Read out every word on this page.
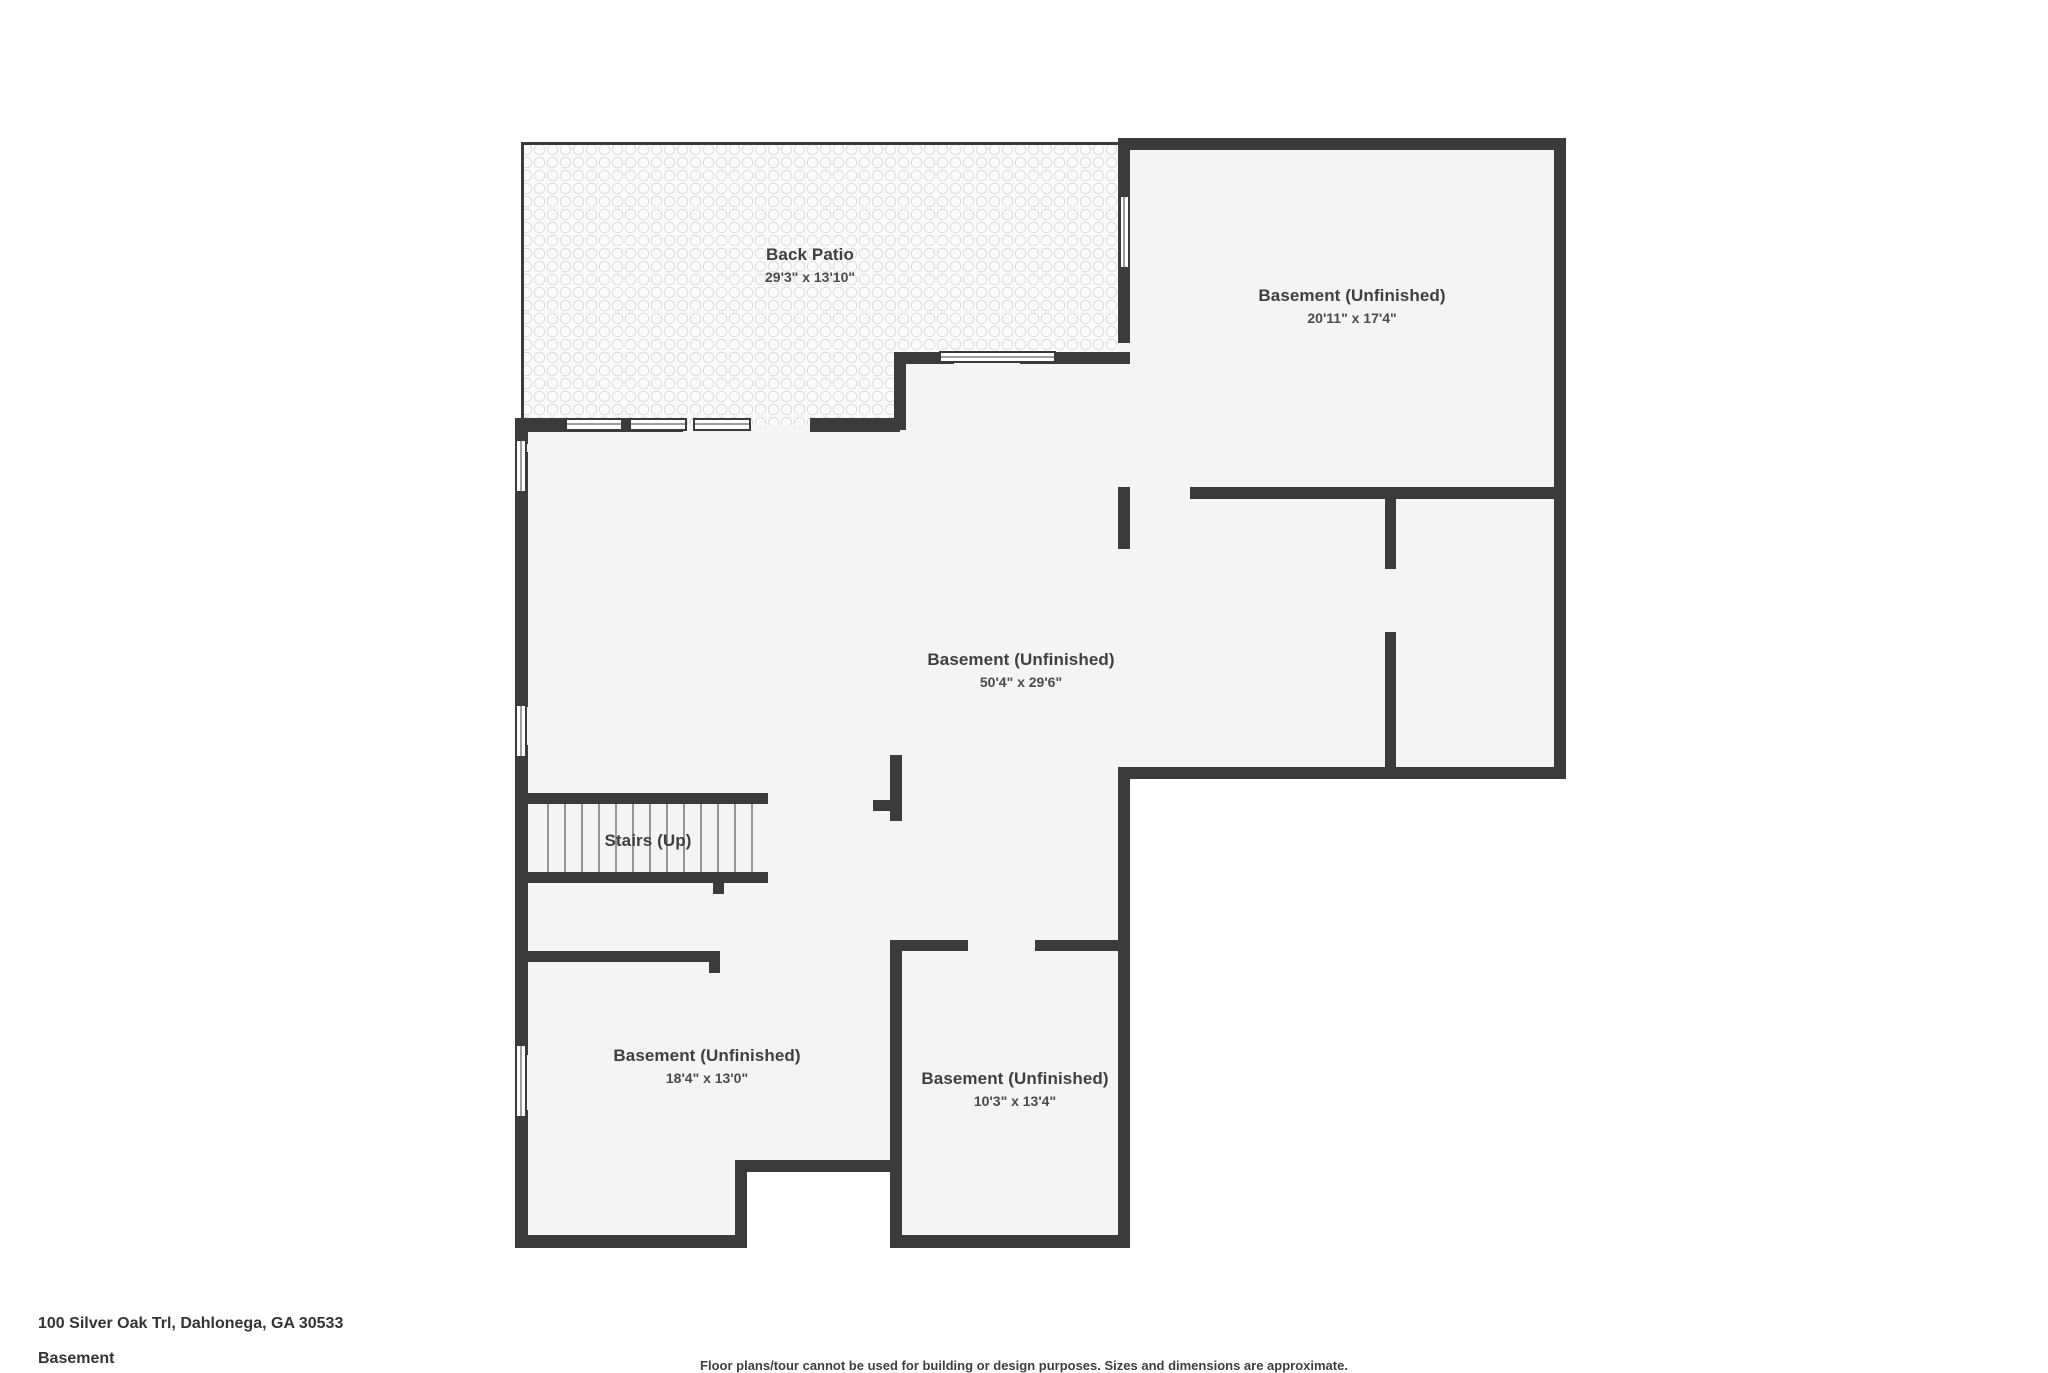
Back Patio
29'3" x 13'10"
Basement (Unfinished)
20'11" x 17'4"
Basement (Unfinished)
50'4" x 29'6"
Stairs (Up)
Basement (Unfinished)
18'4" x 13'0"	Basement (Unfinished)
10'3" x 13'4"
100 Silver Oak Trl, Dahlonega, GA 30533
Basement	Floor plans/tour cannot be used for building or design purposes. Sizes and dimensions are approximate.
